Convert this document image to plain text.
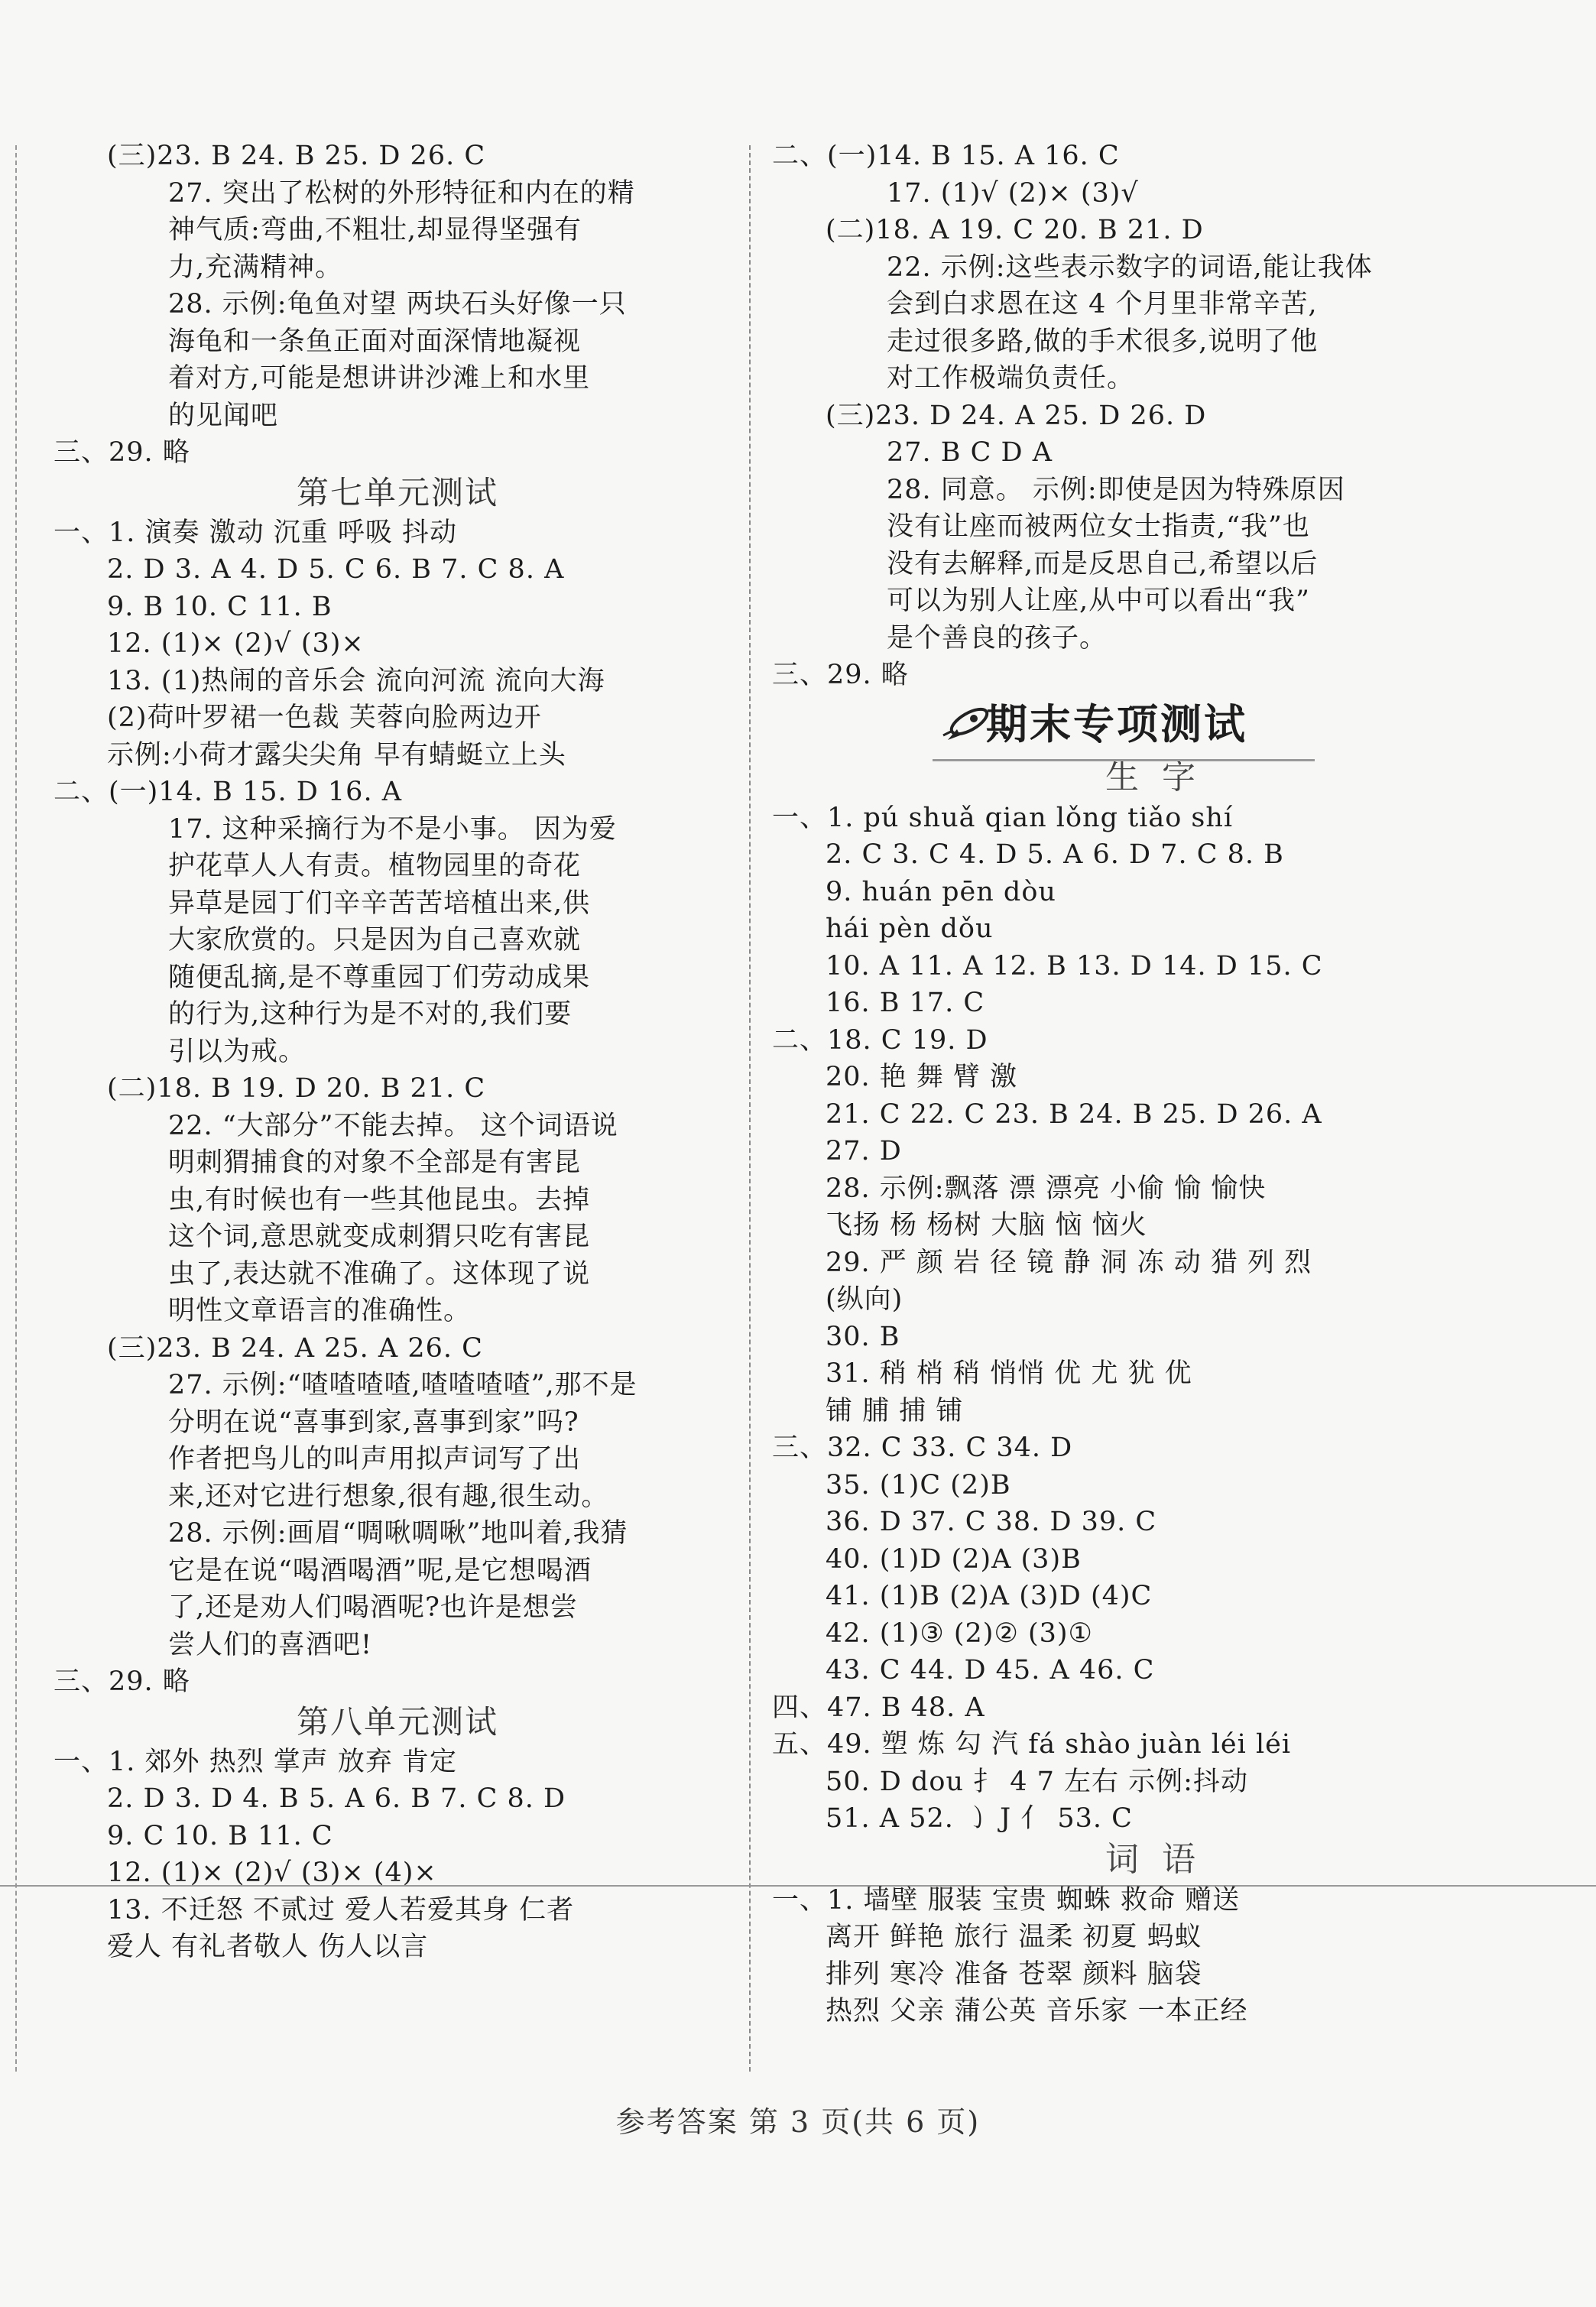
(三)23. B 24. B 25. D 26. C
27. 突出了松树的外形特征和内在的精
神气质:弯曲,不粗壮,却显得坚强有
力,充满精神。
28. 示例:龟鱼对望 两块石头好像一只
海龟和一条鱼正面对面深情地凝视
着对方,可能是想讲讲沙滩上和水里
的见闻吧
三、29. 略
第七单元测试
一、1. 演奏 激动 沉重 呼吸 抖动
2. D 3. A 4. D 5. C 6. B 7. C 8. A
9. B 10. C 11. B
12. (1)× (2)√ (3)×
13. (1)热闹的音乐会 流向河流 流向大海
(2)荷叶罗裙一色裁 芙蓉向脸两边开
示例:小荷才露尖尖角 早有蜻蜓立上头
二、(一)14. B 15. D 16. A
17. 这种采摘行为不是小事。 因为爱
护花草人人有责。植物园里的奇花
异草是园丁们辛辛苦苦培植出来,供
大家欣赏的。只是因为自己喜欢就
随便乱摘,是不尊重园丁们劳动成果
的行为,这种行为是不对的,我们要
引以为戒。
(二)18. B 19. D 20. B 21. C
22. “大部分”不能去掉。 这个词语说
明刺猬捕食的对象不全部是有害昆
虫,有时候也有一些其他昆虫。去掉
这个词,意思就变成刺猬只吃有害昆
虫了,表达就不准确了。这体现了说
明性文章语言的准确性。
(三)23. B 24. A 25. A 26. C
27. 示例:“喳喳喳喳,喳喳喳喳”,那不是
分明在说“喜事到家,喜事到家”吗?
作者把鸟儿的叫声用拟声词写了出
来,还对它进行想象,很有趣,很生动。
28. 示例:画眉“啁啾啁啾”地叫着,我猜
它是在说“喝酒喝酒”呢,是它想喝酒
了,还是劝人们喝酒呢?也许是想尝
尝人们的喜酒吧!
三、29. 略
第八单元测试
一、1. 郊外 热烈 掌声 放弃 肯定
2. D 3. D 4. B 5. A 6. B 7. C 8. D
9. C 10. B 11. C
12. (1)× (2)√ (3)× (4)×
13. 不迁怒 不贰过 爱人若爱其身 仁者
爱人 有礼者敬人 伤人以言
二、(一)14. B 15. A 16. C
17. (1)√ (2)× (3)√
(二)18. A 19. C 20. B 21. D
22. 示例:这些表示数字的词语,能让我体
会到白求恩在这 4 个月里非常辛苦,
走过很多路,做的手术很多,说明了他
对工作极端负责任。
(三)23. D 24. A 25. D 26. D
27. B C D A
28. 同意。 示例:即使是因为特殊原因
没有让座而被两位女士指责,“我”也
没有去解释,而是反思自己,希望以后
可以为别人让座,从中可以看出“我”
是个善良的孩子。
三、29. 略
期末专项测试
生字
一、1. pú shuǎ qian lǒng tiǎo shí
2. C 3. C 4. D 5. A 6. D 7. C 8. B
9. huán pēn dòu
hái pèn dǒu
10. A 11. A 12. B 13. D 14. D 15. C
16. B 17. C
二、18. C 19. D
20. 艳 舞 臂 激
21. C 22. C 23. B 24. B 25. D 26. A
27. D
28. 示例:飘落 漂 漂亮 小偷 愉 愉快
飞扬 杨 杨树 大脑 恼 恼火
29. 严 颜 岩 径 镜 静 洞 冻 动 猎 列 烈
(纵向)
30. B
31. 稍 梢 稍 悄悄 优 尤 犹 优
铺 脯 捕 铺
三、32. C 33. C 34. D
35. (1)C (2)B
36. D 37. C 38. D 39. C
40. (1)D (2)A (3)B
41. (1)B (2)A (3)D (4)C
42. (1)③ (2)② (3)①
43. C 44. D 45. A 46. C
四、47. B 48. A
五、49. 塑 炼 勾 汽 fá shào juàn léi léi
50. D dou 扌 4 7 左右 示例:抖动
51. A 52. ㇁ J 亻 53. C
词语
一、1. 墙壁 服装 宝贵 蜘蛛 救命 赠送
离开 鲜艳 旅行 温柔 初夏 蚂蚁
排列 寒冷 准备 苍翠 颜料 脑袋
热烈 父亲 蒲公英 音乐家 一本正经
参考答案 第 3 页(共 6 页)
